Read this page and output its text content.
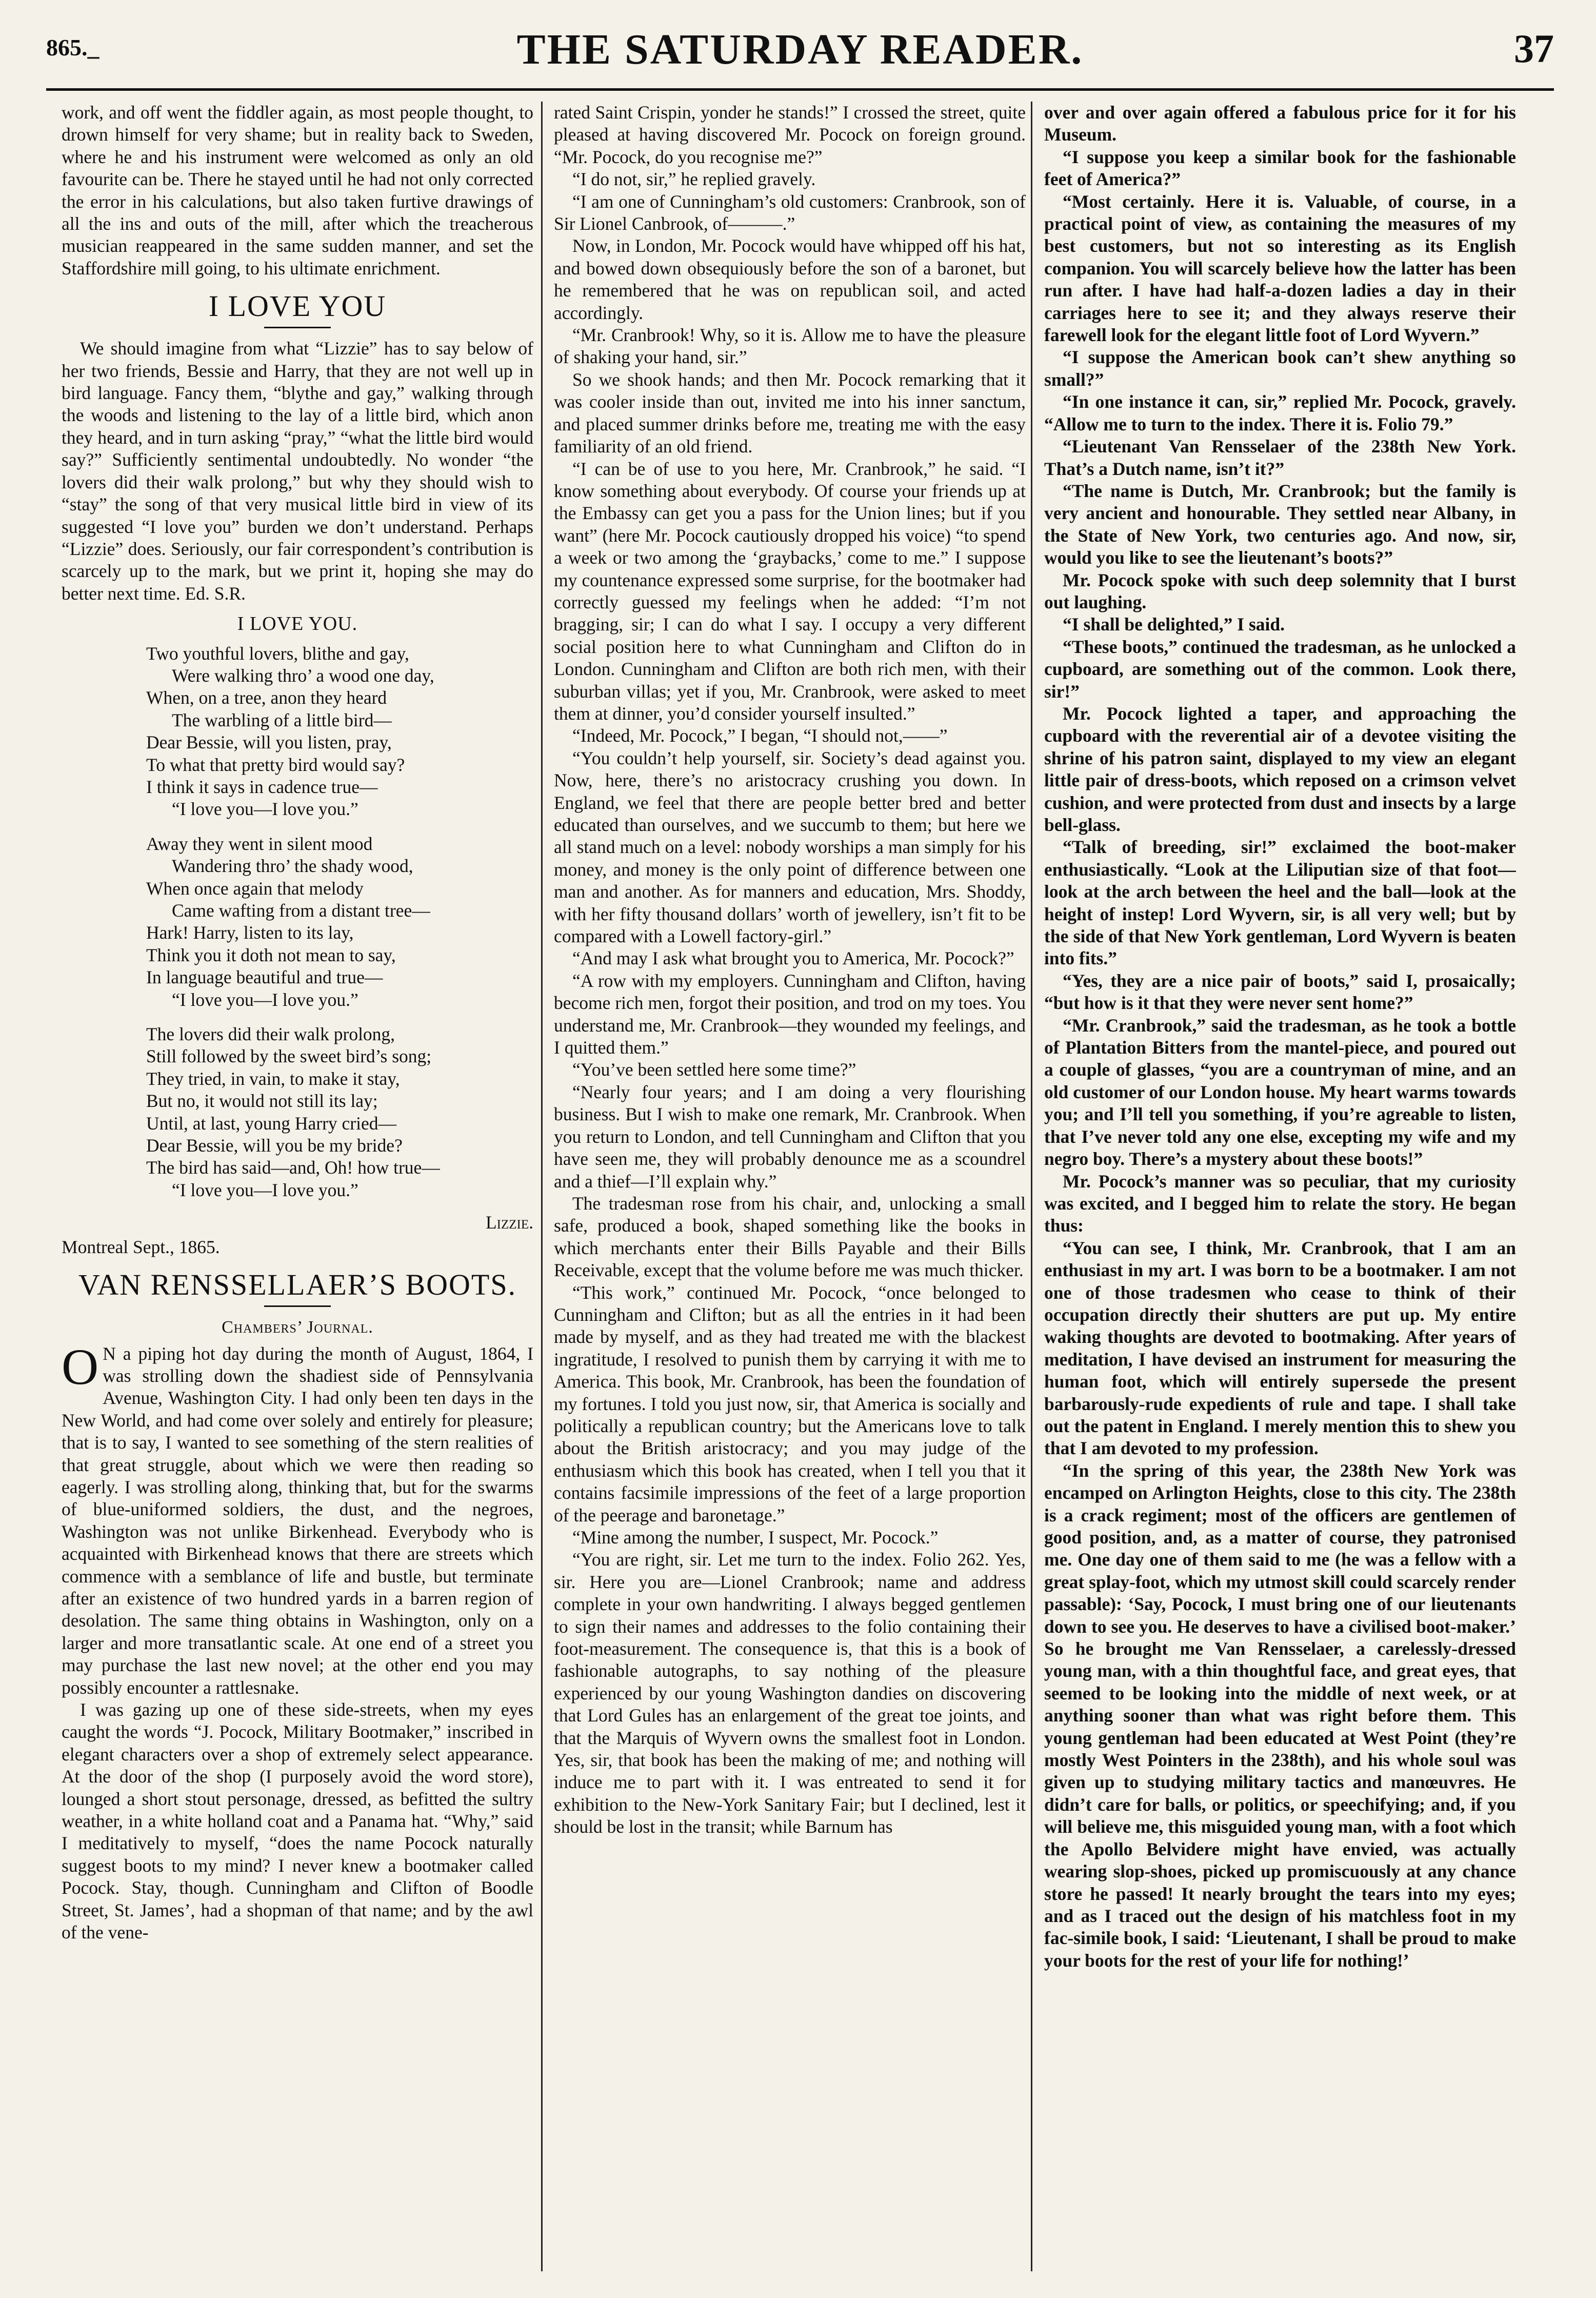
865._	THE SATURDAY READER.	37

work, and off went the fiddler again, as most people thought, to drown himself for very shame; but in reality back to Sweden, where he and his instrument were welcomed as only an old favourite can be. There he stayed until he had not only corrected the error in his calculations, but also taken furtive drawings of all the ins and outs of the mill, after which the treacherous musician reappeared in the same sudden manner, and set the Staffordshire mill going, to his ultimate enrichment.

I LOVE YOU

We should imagine from what “Lizzie” has to say below of her two friends, Bessie and Harry, that they are not well up in bird language. Fancy them, “blythe and gay,” walking through the woods and listening to the lay of a little bird, which anon they heard, and in turn asking “pray,” “what the little bird would say?” Sufficiently sentimental undoubtedly. No wonder “the lovers did their walk prolong,” but why they should wish to “stay” the song of that very musical little bird in view of its suggested “I love you” burden we don’t understand. Perhaps “Lizzie” does. Seriously, our fair correspondent’s contribution is scarcely up to the mark, but we print it, hoping she may do better next time. Ed. S.R.

I LOVE YOU.
Two youthful lovers, blithe and gay,
Were walking thro’ a wood one day,
When, on a tree, anon they heard
The warbling of a little bird—
Dear Bessie, will you listen, pray,
To what that pretty bird would say?
I think it says in cadence true—
“I love you—I love you.”
Away they went in silent mood
Wandering thro’ the shady wood,
When once again that melody
Came wafting from a distant tree—
Hark! Harry, listen to its lay,
Think you it doth not mean to say,
In language beautiful and true—
“I love you—I love you.”
The lovers did their walk prolong,
Still followed by the sweet bird’s song;
They tried, in vain, to make it stay,
But no, it would not still its lay;
Until, at last, young Harry cried—
Dear Bessie, will you be my bride?
The bird has said—and, Oh! how true—
“I love you—I love you.”
Lizzie.
Montreal Sept., 1865.
VAN RENSSELLAER’S BOOTS.
Chambers’ Journal.

O N a piping hot day during the month of August, 1864, I was strolling down the shadiest side of Pennsylvania Avenue, Washington City. I had only been ten days in the New World, and had come over solely and entirely for pleasure; that is to say, I wanted to see something of the stern realities of that great struggle, about which we were then reading so eagerly. I was strolling along, thinking that, but for the swarms of blue-uniformed soldiers, the dust, and the negroes, Washington was not unlike Birkenhead. Everybody who is acquainted with Birkenhead knows that there are streets which commence with a semblance of life and bustle, but terminate after an existence of two hundred yards in a barren region of desolation. The same thing obtains in Washington, only on a larger and more transatlantic scale. At one end of a street you may purchase the last new novel; at the other end you may possibly encounter a rattlesnake.

I was gazing up one of these side-streets, when my eyes caught the words “J. Pocock, Military Bootmaker,” inscribed in elegant characters over a shop of extremely select appearance. At the door of the shop (I purposely avoid the word store), lounged a short stout personage, dressed, as befitted the sultry weather, in a white holland coat and a Panama hat. “Why,” said I meditatively to myself, “does the name Pocock naturally suggest boots to my mind? I never knew a bootmaker called Pocock. Stay, though. Cunningham and Clifton of Boodle Street, St. James’, had a shopman of that name; and by the awl of the vene-

rated Saint Crispin, yonder he stands!” I crossed the street, quite pleased at having discovered Mr. Pocock on foreign ground. “Mr. Pocock, do you recognise me?”

“I do not, sir,” he replied gravely.

“I am one of Cunningham’s old customers: Cranbrook, son of Sir Lionel Canbrook, of———.”

Now, in London, Mr. Pocock would have whipped off his hat, and bowed down obsequiously before the son of a baronet, but he remembered that he was on republican soil, and acted accordingly.

“Mr. Cranbrook! Why, so it is. Allow me to have the pleasure of shaking your hand, sir.”

So we shook hands; and then Mr. Pocock remarking that it was cooler inside than out, invited me into his inner sanctum, and placed summer drinks before me, treating me with the easy familiarity of an old friend.

“I can be of use to you here, Mr. Cranbrook,” he said. “I know something about everybody. Of course your friends up at the Embassy can get you a pass for the Union lines; but if you want” (here Mr. Pocock cautiously dropped his voice) “to spend a week or two among the ‘graybacks,’ come to me.” I suppose my countenance expressed some surprise, for the bootmaker had correctly guessed my feelings when he added: “I’m not bragging, sir; I can do what I say. I occupy a very different social position here to what Cunningham and Clifton do in London. Cunningham and Clifton are both rich men, with their suburban villas; yet if you, Mr. Cranbrook, were asked to meet them at dinner, you’d consider yourself insulted.”

“Indeed, Mr. Pocock,” I began, “I should not,——”

“You couldn’t help yourself, sir. Society’s dead against you. Now, here, there’s no aristocracy crushing you down. In England, we feel that there are people better bred and better educated than ourselves, and we succumb to them; but here we all stand much on a level: nobody worships a man simply for his money, and money is the only point of difference between one man and another. As for manners and education, Mrs. Shoddy, with her fifty thousand dollars’ worth of jewellery, isn’t fit to be compared with a Lowell factory-girl.”

“And may I ask what brought you to America, Mr. Pocock?”

“A row with my employers. Cunningham and Clifton, having become rich men, forgot their position, and trod on my toes. You understand me, Mr. Cranbrook—they wounded my feelings, and I quitted them.”

“You’ve been settled here some time?”

“Nearly four years; and I am doing a very flourishing business. But I wish to make one remark, Mr. Cranbrook. When you return to London, and tell Cunningham and Clifton that you have seen me, they will probably denounce me as a scoundrel and a thief—I’ll explain why.”

The tradesman rose from his chair, and, unlocking a small safe, produced a book, shaped something like the books in which merchants enter their Bills Payable and their Bills Receivable, except that the volume before me was much thicker.

“This work,” continued Mr. Pocock, “once belonged to Cunningham and Clifton; but as all the entries in it had been made by myself, and as they had treated me with the blackest ingratitude, I resolved to punish them by carrying it with me to America. This book, Mr. Cranbrook, has been the foundation of my fortunes. I told you just now, sir, that America is socially and politically a republican country; but the Americans love to talk about the British aristocracy; and you may judge of the enthusiasm which this book has created, when I tell you that it contains facsimile impressions of the feet of a large proportion of the peerage and baronetage.”

“Mine among the number, I suspect, Mr. Pocock.”

“You are right, sir. Let me turn to the index. Folio 262. Yes, sir. Here you are—Lionel Cranbrook; name and address complete in your own handwriting. I always begged gentlemen to sign their names and addresses to the folio containing their foot-measurement. The consequence is, that this is a book of fashionable autographs, to say nothing of the pleasure experienced by our young Washington dandies on discovering that Lord Gules has an enlargement of the great toe joints, and that the Marquis of Wyvern owns the smallest foot in London. Yes, sir, that book has been the making of me; and nothing will induce me to part with it. I was entreated to send it for exhibition to the New-York Sanitary Fair; but I declined, lest it should be lost in the transit; while Barnum has

over and over again offered a fabulous price for it for his Museum.

“I suppose you keep a similar book for the fashionable feet of America?”

“Most certainly. Here it is. Valuable, of course, in a practical point of view, as containing the measures of my best customers, but not so interesting as its English companion. You will scarcely believe how the latter has been run after. I have had half-a-dozen ladies a day in their carriages here to see it; and they always reserve their farewell look for the elegant little foot of Lord Wyvern.”

“I suppose the American book can’t shew anything so small?”

“In one instance it can, sir,” replied Mr. Pocock, gravely. “Allow me to turn to the index. There it is. Folio 79.”

“Lieutenant Van Rensselaer of the 238th New York. That’s a Dutch name, isn’t it?”

“The name is Dutch, Mr. Cranbrook; but the family is very ancient and honourable. They settled near Albany, in the State of New York, two centuries ago. And now, sir, would you like to see the lieutenant’s boots?”

Mr. Pocock spoke with such deep solemnity that I burst out laughing.

“I shall be delighted,” I said.

“These boots,” continued the tradesman, as he unlocked a cupboard, are something out of the common. Look there, sir!”

Mr. Pocock lighted a taper, and approaching the cupboard with the reverential air of a devotee visiting the shrine of his patron saint, displayed to my view an elegant little pair of dress-boots, which reposed on a crimson velvet cushion, and were protected from dust and insects by a large bell-glass.

“Talk of breeding, sir!” exclaimed the boot-maker enthusiastically. “Look at the Liliputian size of that foot—look at the arch between the heel and the ball—look at the height of instep! Lord Wyvern, sir, is all very well; but by the side of that New York gentleman, Lord Wyvern is beaten into fits.”

“Yes, they are a nice pair of boots,” said I, prosaically; “but how is it that they were never sent home?”

“Mr. Cranbrook,” said the tradesman, as he took a bottle of Plantation Bitters from the mantel-piece, and poured out a couple of glasses, “you are a countryman of mine, and an old customer of our London house. My heart warms towards you; and I’ll tell you something, if you’re agreable to listen, that I’ve never told any one else, excepting my wife and my negro boy. There’s a mystery about these boots!”

Mr. Pocock’s manner was so peculiar, that my curiosity was excited, and I begged him to relate the story. He began thus:

“You can see, I think, Mr. Cranbrook, that I am an enthusiast in my art. I was born to be a bootmaker. I am not one of those tradesmen who cease to think of their occupation directly their shutters are put up. My entire waking thoughts are devoted to bootmaking. After years of meditation, I have devised an instrument for measuring the human foot, which will entirely supersede the present barbarously-rude expedients of rule and tape. I shall take out the patent in England. I merely mention this to shew you that I am devoted to my profession.

“In the spring of this year, the 238th New York was encamped on Arlington Heights, close to this city. The 238th is a crack regiment; most of the officers are gentlemen of good position, and, as a matter of course, they patronised me. One day one of them said to me (he was a fellow with a great splay-foot, which my utmost skill could scarcely render passable): ‘Say, Pocock, I must bring one of our lieutenants down to see you. He deserves to have a civilised boot-maker.’ So he brought me Van Rensselaer, a carelessly-dressed young man, with a thin thoughtful face, and great eyes, that seemed to be looking into the middle of next week, or at anything sooner than what was right before them. This young gentleman had been educated at West Point (they’re mostly West Pointers in the 238th), and his whole soul was given up to studying military tactics and manœuvres. He didn’t care for balls, or politics, or speechifying; and, if you will believe me, this misguided young man, with a foot which the Apollo Belvidere might have envied, was actually wearing slop-shoes, picked up promiscuously at any chance store he passed! It nearly brought the tears into my eyes; and as I traced out the design of his matchless foot in my fac-simile book, I said: ‘Lieutenant, I shall be proud to make your boots for the rest of your life for nothing!’
